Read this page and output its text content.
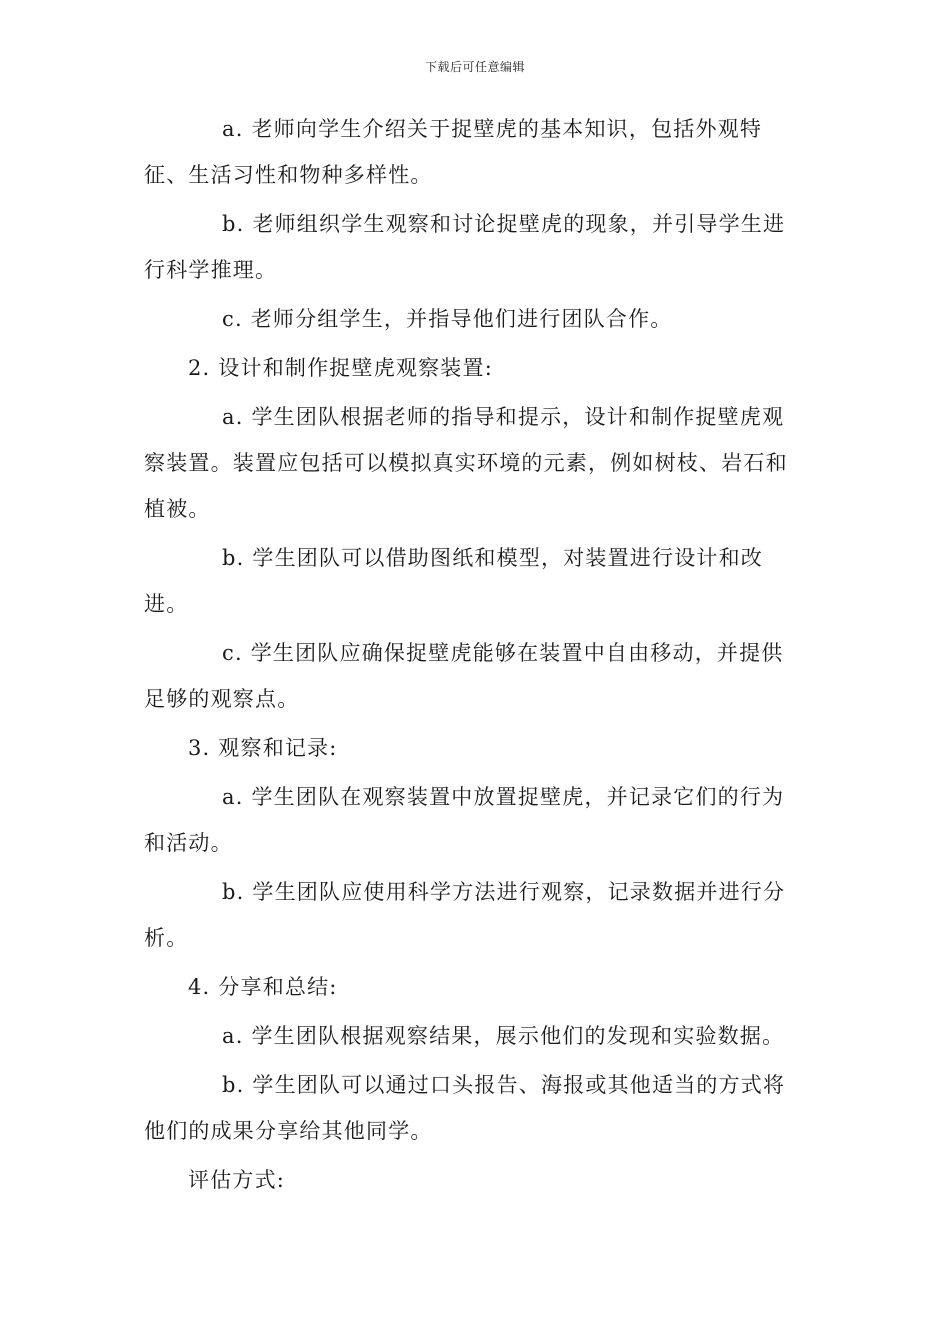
下载后可任意编辑

a. 老师向学生介绍关于捉壁虎的基本知识，包括外观特征、生活习性和物种多样性。

b. 老师组织学生观察和讨论捉壁虎的现象，并引导学生进行科学推理。

c. 老师分组学生，并指导他们进行团队合作。

2. 设计和制作捉壁虎观察装置:

a. 学生团队根据老师的指导和提示，设计和制作捉壁虎观察装置。装置应包括可以模拟真实环境的元素，例如树枝、岩石和植被。

b. 学生团队可以借助图纸和模型，对装置进行设计和改进。

c. 学生团队应确保捉壁虎能够在装置中自由移动，并提供足够的观察点。

3. 观察和记录:

a. 学生团队在观察装置中放置捉壁虎，并记录它们的行为和活动。

b. 学生团队应使用科学方法进行观察，记录数据并进行分析。

4. 分享和总结:

a. 学生团队根据观察结果，展示他们的发现和实验数据。

b. 学生团队可以通过口头报告、海报或其他适当的方式将他们的成果分享给其他同学。

评估方式:
